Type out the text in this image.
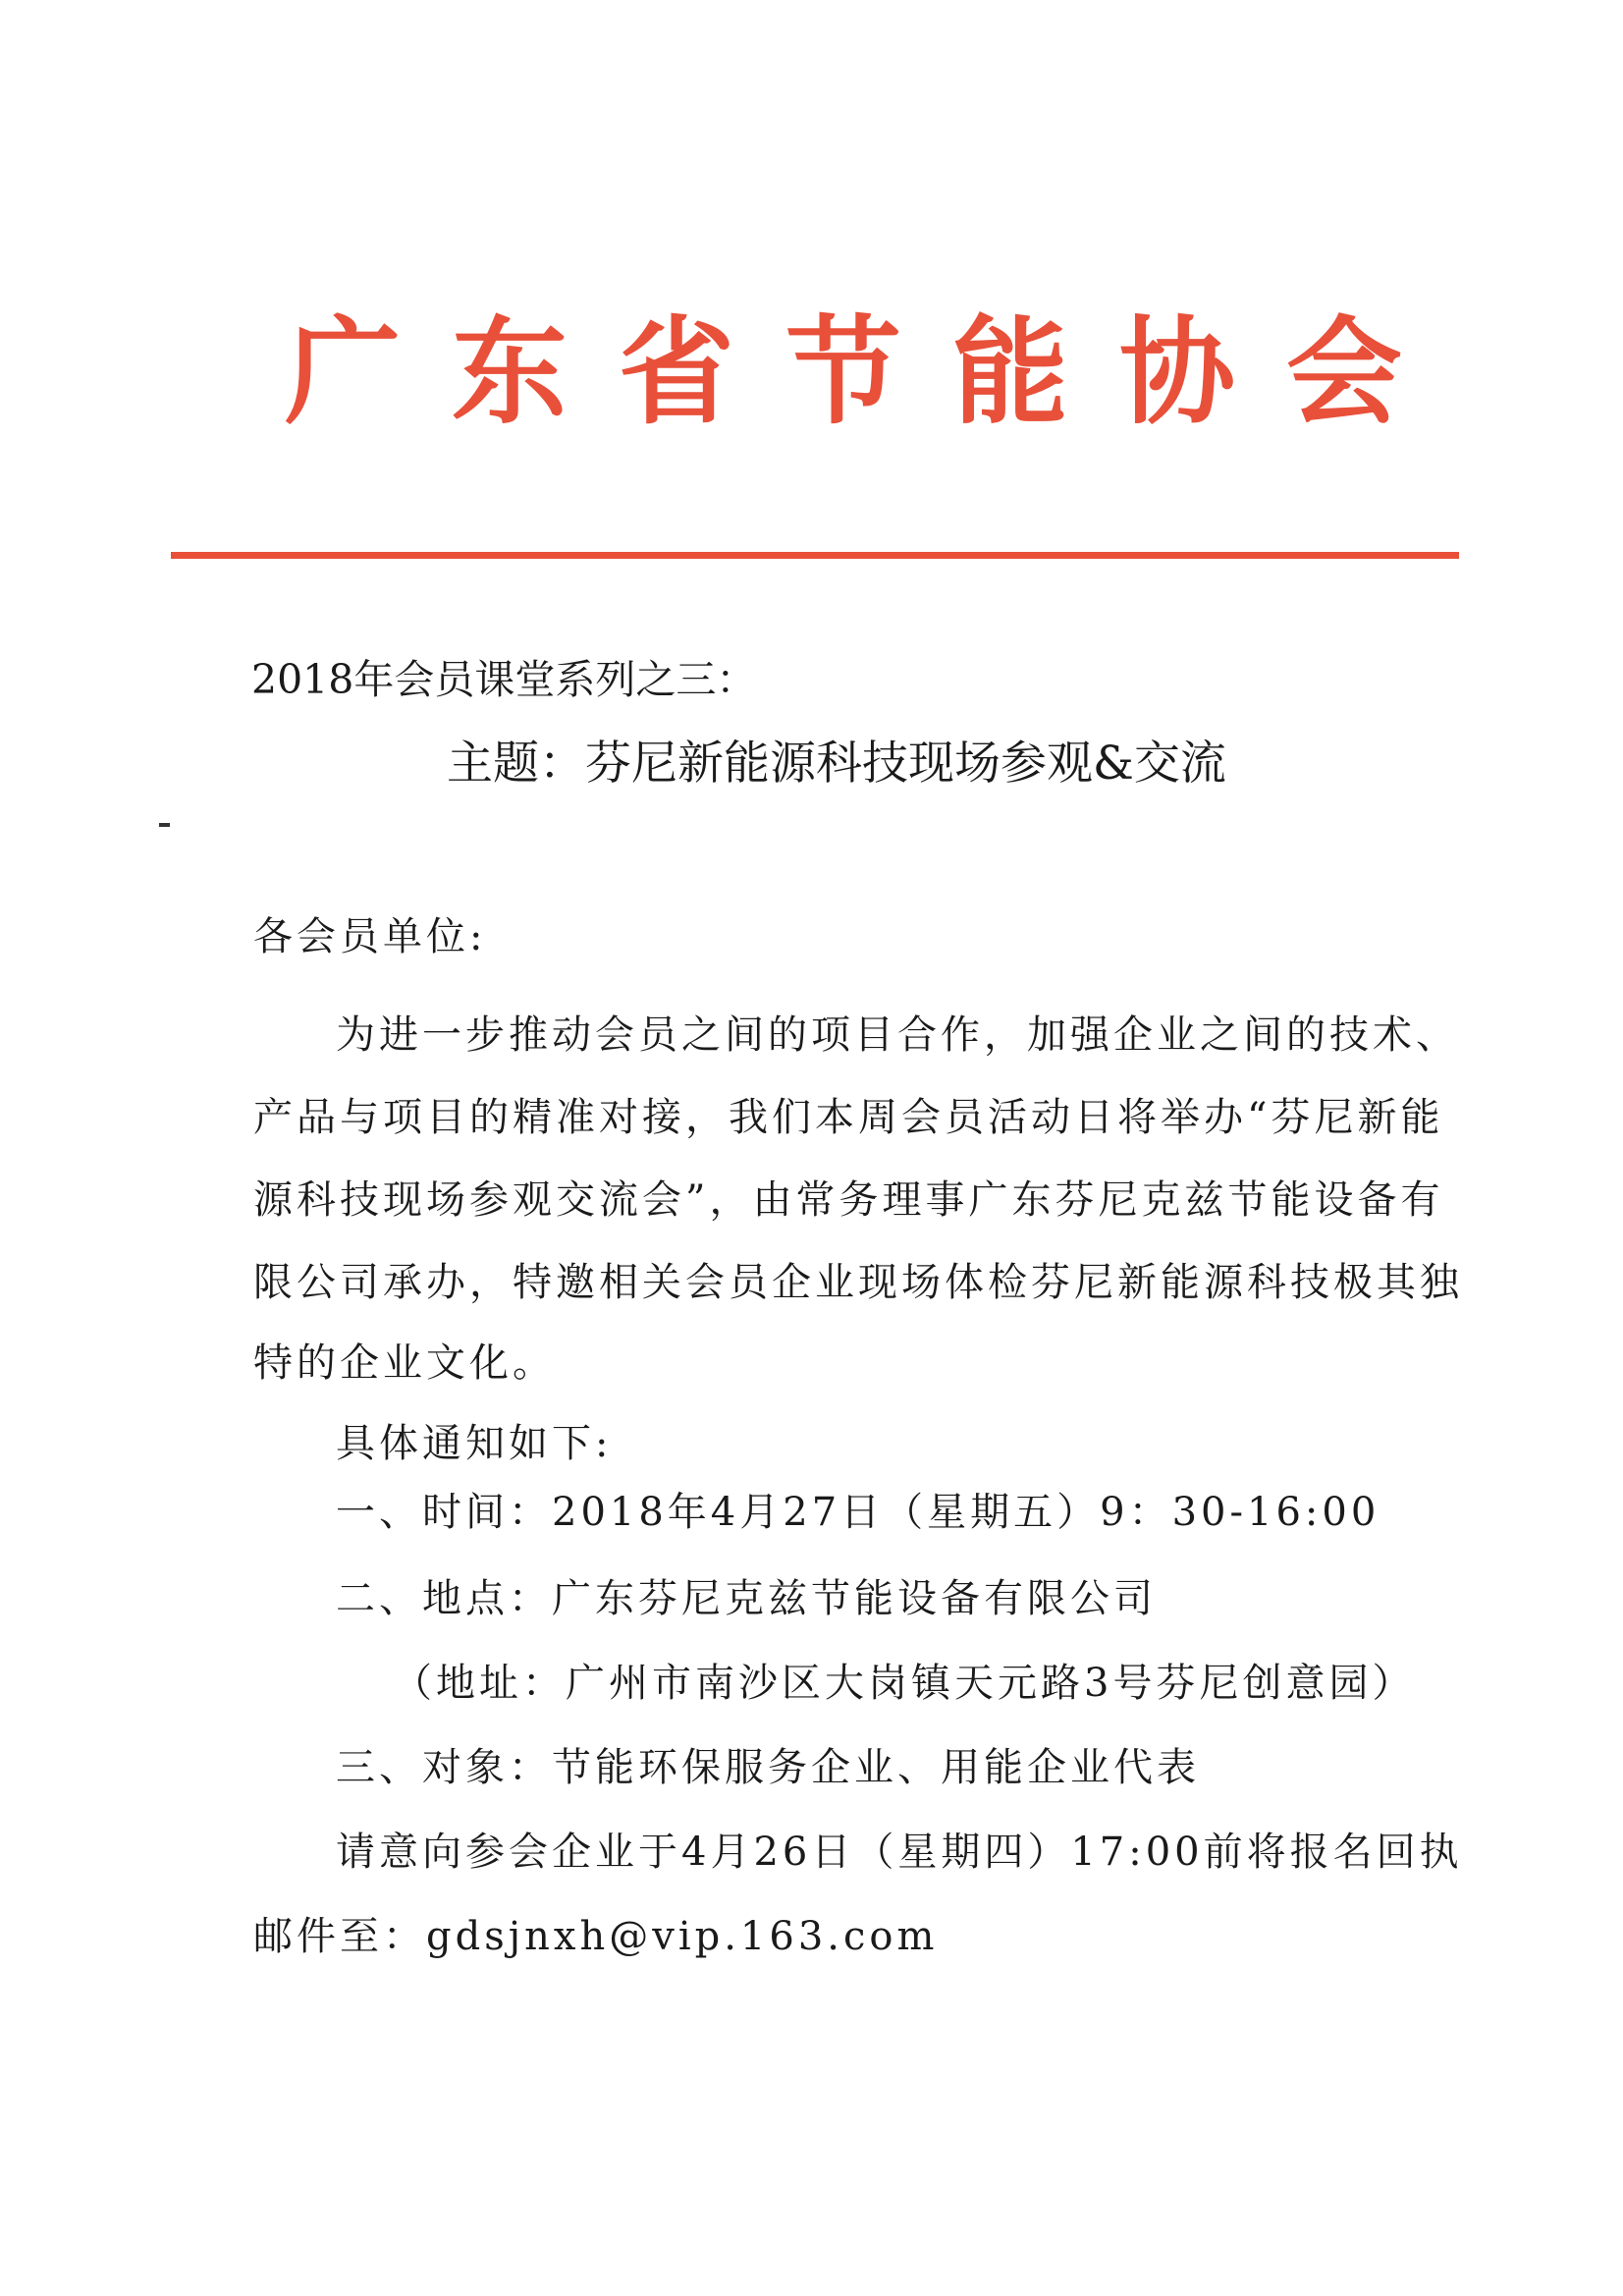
广东省节能协会
2018年会员课堂系列之三：
主题：芬尼新能源科技现场参观&交流
各会员单位:
为进一步推动会员之间的项目合作，加强企业之间的技术、
产品与项目的精准对接，我们本周会员活动日将举办“芬尼新能
源科技现场参观交流会”，由常务理事广东芬尼克兹节能设备有
限公司承办，特邀相关会员企业现场体检芬尼新能源科技极其独
特的企业文化。
具体通知如下:
一、时间：2018年4月27日（星期五）9：30-16:00
二、地点：广东芬尼克兹节能设备有限公司
（地址：广州市南沙区大岗镇天元路3号芬尼创意园）
三、对象：节能环保服务企业、用能企业代表
请意向参会企业于4月26日（星期四）17:00前将报名回执
邮件至：gdsjnxh@vip.163.com
